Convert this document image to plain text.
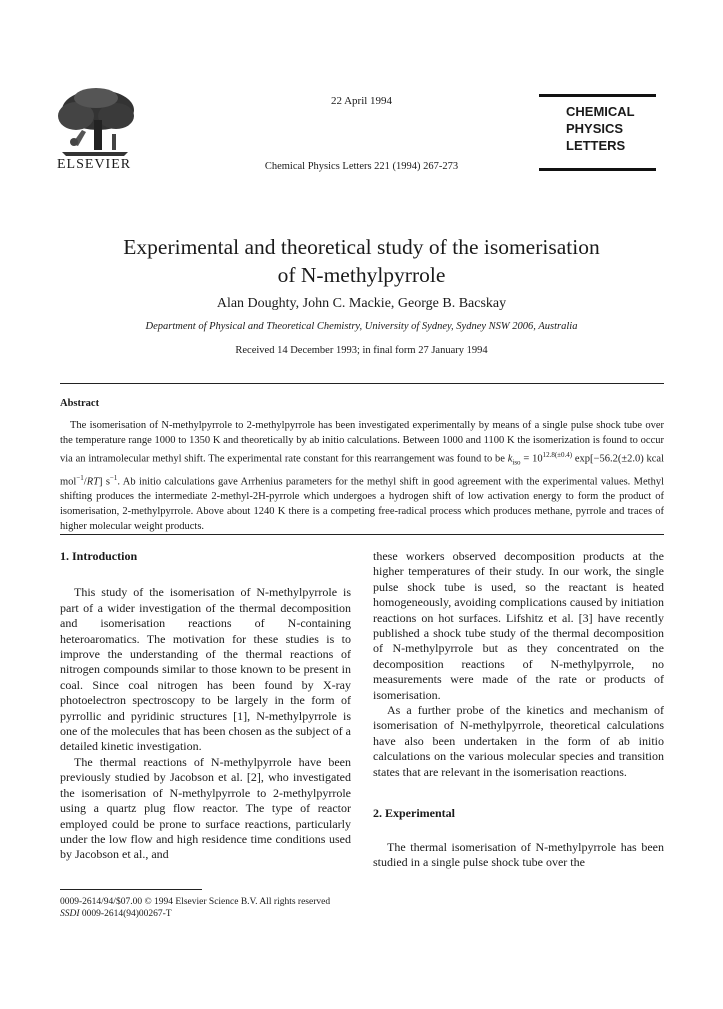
ELSEVIER
22 April 1994
Chemical Physics Letters 221 (1994) 267-273
CHEMICAL
PHYSICS
LETTERS
Experimental and theoretical study of the isomerisation
of N-methylpyrrole
Alan Doughty, John C. Mackie, George B. Bacskay
Department of Physical and Theoretical Chemistry, University of Sydney, Sydney NSW 2006, Australia
Received 14 December 1993; in final form 27 January 1994
Abstract
The isomerisation of N-methylpyrrole to 2-methylpyrrole has been investigated experimentally by means of a single pulse shock tube over the temperature range 1000 to 1350 K and theoretically by ab initio calculations. Between 1000 and 1100 K the isomerization is found to occur via an intramolecular methyl shift. The experimental rate constant for this rearrangement was found to be $k_{iso} = 10^{12.8(\pm 0.4)}$ exp[−56.2(±2.0) kcal mol$^{-1}$/RT] $s^{-1}$. Ab initio calculations gave Arrhenius parameters for the methyl shift in good agreement with the experimental values. Methyl shifting produces the intermediate 2-methyl-2H-pyrrole which undergoes a hydrogen shift of low activation energy to form the product of isomerisation, 2-methylpyrrole. Above about 1240 K there is a competing free-radical process which produces methane, pyrrole and traces of higher molecular weight products.
1. Introduction

This study of the isomerisation of N-methylpyrrole is part of a wider investigation of the thermal decomposition and isomerisation reactions of N-containing heteroaromatics. The motivation for these studies is to improve the understanding of the thermal reactions of nitrogen compounds similar to those known to be present in coal. Since coal nitrogen has been found by X-ray photoelectron spectroscopy to be largely in the form of pyrrollic and pyridinic structures [1], N-methylpyrrole is one of the molecules that has been chosen as the subject of a detailed kinetic investigation.

The thermal reactions of N-methylpyrrole have been previously studied by Jacobson et al. [2], who investigated the isomerisation of N-methylpyrrole to 2-methylpyrrole using a quartz plug flow reactor. The type of reactor employed could be prone to surface reactions, particularly under the low flow and high residence time conditions used by Jacobson et al., and

these workers observed decomposition products at the higher temperatures of their study. In our work, the single pulse shock tube is used, so the reactant is heated homogeneously, avoiding complications caused by initiation reactions on hot surfaces. Lifshitz et al. [3] have recently published a shock tube study of the thermal decomposition of N-methylpyrrole but as they concentrated on the decomposition reactions of N-methylpyrrole, no measurements were made of the rate or products of isomerisation.

As a further probe of the kinetics and mechanism of isomerisation of N-methylpyrrole, theoretical calculations have also been undertaken in the form of ab initio calculations on the various molecular species and transition states that are relevant in the isomerisation reactions.

2. Experimental

The thermal isomerisation of N-methylpyrrole has been studied in a single pulse shock tube over the

0009-2614/94/$07.00 © 1994 Elsevier Science B.V. All rights reserved
SSDI 0009-2614(94)00267-T
